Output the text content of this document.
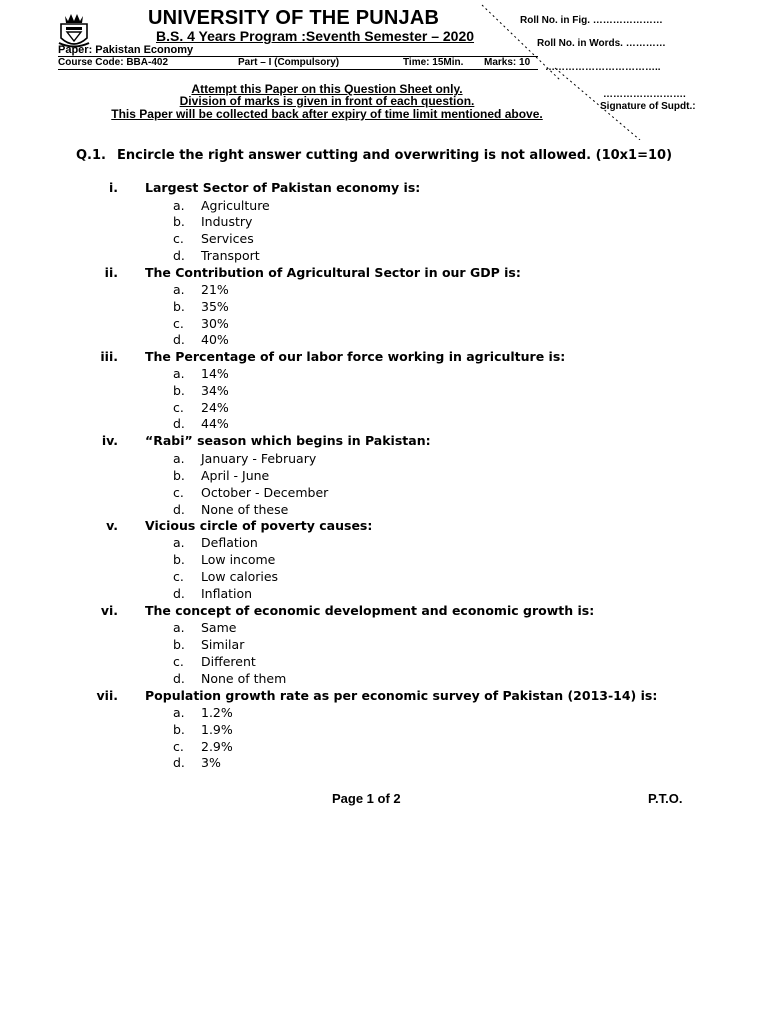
UNIVERSITY OF THE PUNJAB
B.S. 4 Years Program :Seventh Semester – 2020
Paper: Pakistan Economy
Course Code: BBA-402	Part – I (Compulsory)	Time: 15Min. Marks: 10
Roll No. in Fig. …………………
Roll No. in Words. …………
……………………………..
…………………….
Signature of Supdt.:
Attempt this Paper on this Question Sheet only.
Division of marks is given in front of each question.
This Paper will be collected back after expiry of time limit mentioned above.
Q.1. Encircle the right answer cutting and overwriting is not allowed. (10x1=10)
i. Largest Sector of Pakistan economy is:
a. Agriculture
b. Industry
c. Services
d. Transport
ii. The Contribution of Agricultural Sector in our GDP is:
a. 21%
b. 35%
c. 30%
d. 40%
iii. The Percentage of our labor force working in agriculture is:
a. 14%
b. 34%
c. 24%
d. 44%
iv. “Rabi” season which begins in Pakistan:
a. January - February
b. April - June
c. October - December
d. None of these
v. Vicious circle of poverty causes:
a. Deflation
b. Low income
c. Low calories
d. Inflation
vi. The concept of economic development and economic growth is:
a. Same
b. Similar
c. Different
d. None of them
vii. Population growth rate as per economic survey of Pakistan (2013-14) is:
a. 1.2%
b. 1.9%
c. 2.9%
d. 3%
Page 1 of 2	P.T.O.
